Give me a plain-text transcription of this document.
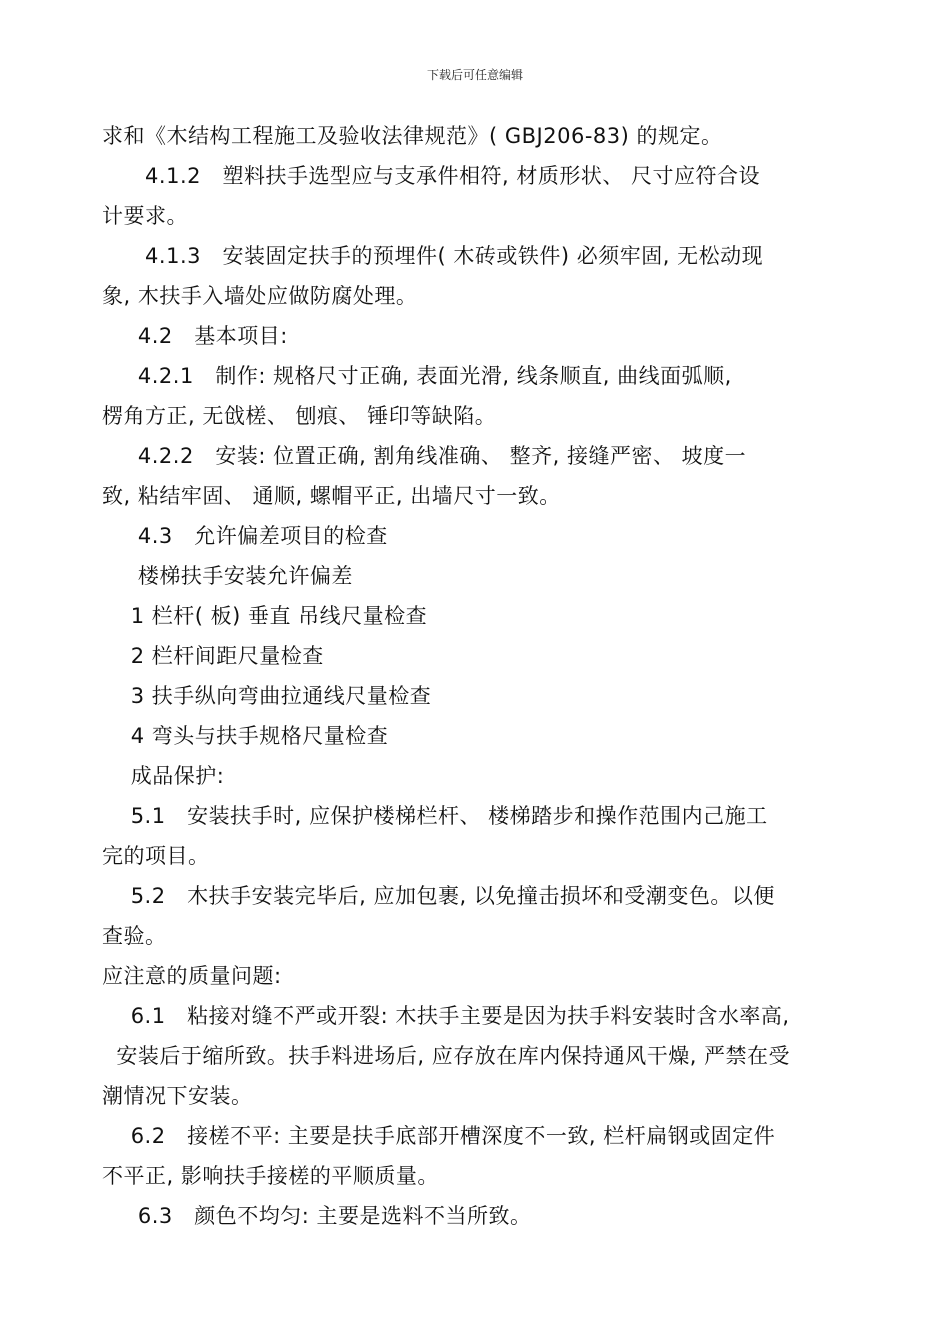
下载后可任意编辑
求和《木结构工程施工及验收法律规范》( GBJ206-83) 的规定。
4.1.2   塑料扶手选型应与支承件相符, 材质形状、 尺寸应符合设
计要求。
4.1.3   安装固定扶手的预埋件( 木砖或铁件) 必须牢固, 无松动现
象, 木扶手入墙处应做防腐处理。
4.2   基本项目:
4.2.1   制作: 规格尺寸正确, 表面光滑, 线条顺直, 曲线面弧顺,
楞角方正, 无戗槎、 刨痕、 锤印等缺陷。
4.2.2   安装: 位置正确, 割角线准确、 整齐, 接缝严密、 坡度一
致, 粘结牢固、 通顺, 螺帽平正, 出墙尺寸一致。
4.3   允许偏差项目的检查
楼梯扶手安装允许偏差
1 栏杆( 板) 垂直 吊线尺量检查
2 栏杆间距尺量检查
3 扶手纵向弯曲拉通线尺量检查
4 弯头与扶手规格尺量检查
成品保护:
5.1   安装扶手时, 应保护楼梯栏杆、 楼梯踏步和操作范围内己施工
完的项目。
5.2   木扶手安装完毕后, 应加包裹, 以免撞击损坏和受潮变色。以便
查验。
应注意的质量问题:
6.1   粘接对缝不严或开裂: 木扶手主要是因为扶手料安装时含水率高,
安装后于缩所致。扶手料进场后, 应存放在库内保持通风干燥, 严禁在受
潮情况下安装。
6.2   接槎不平: 主要是扶手底部开槽深度不一致, 栏杆扁钢或固定件
不平正, 影响扶手接槎的平顺质量。
6.3   颜色不均匀: 主要是选料不当所致。
